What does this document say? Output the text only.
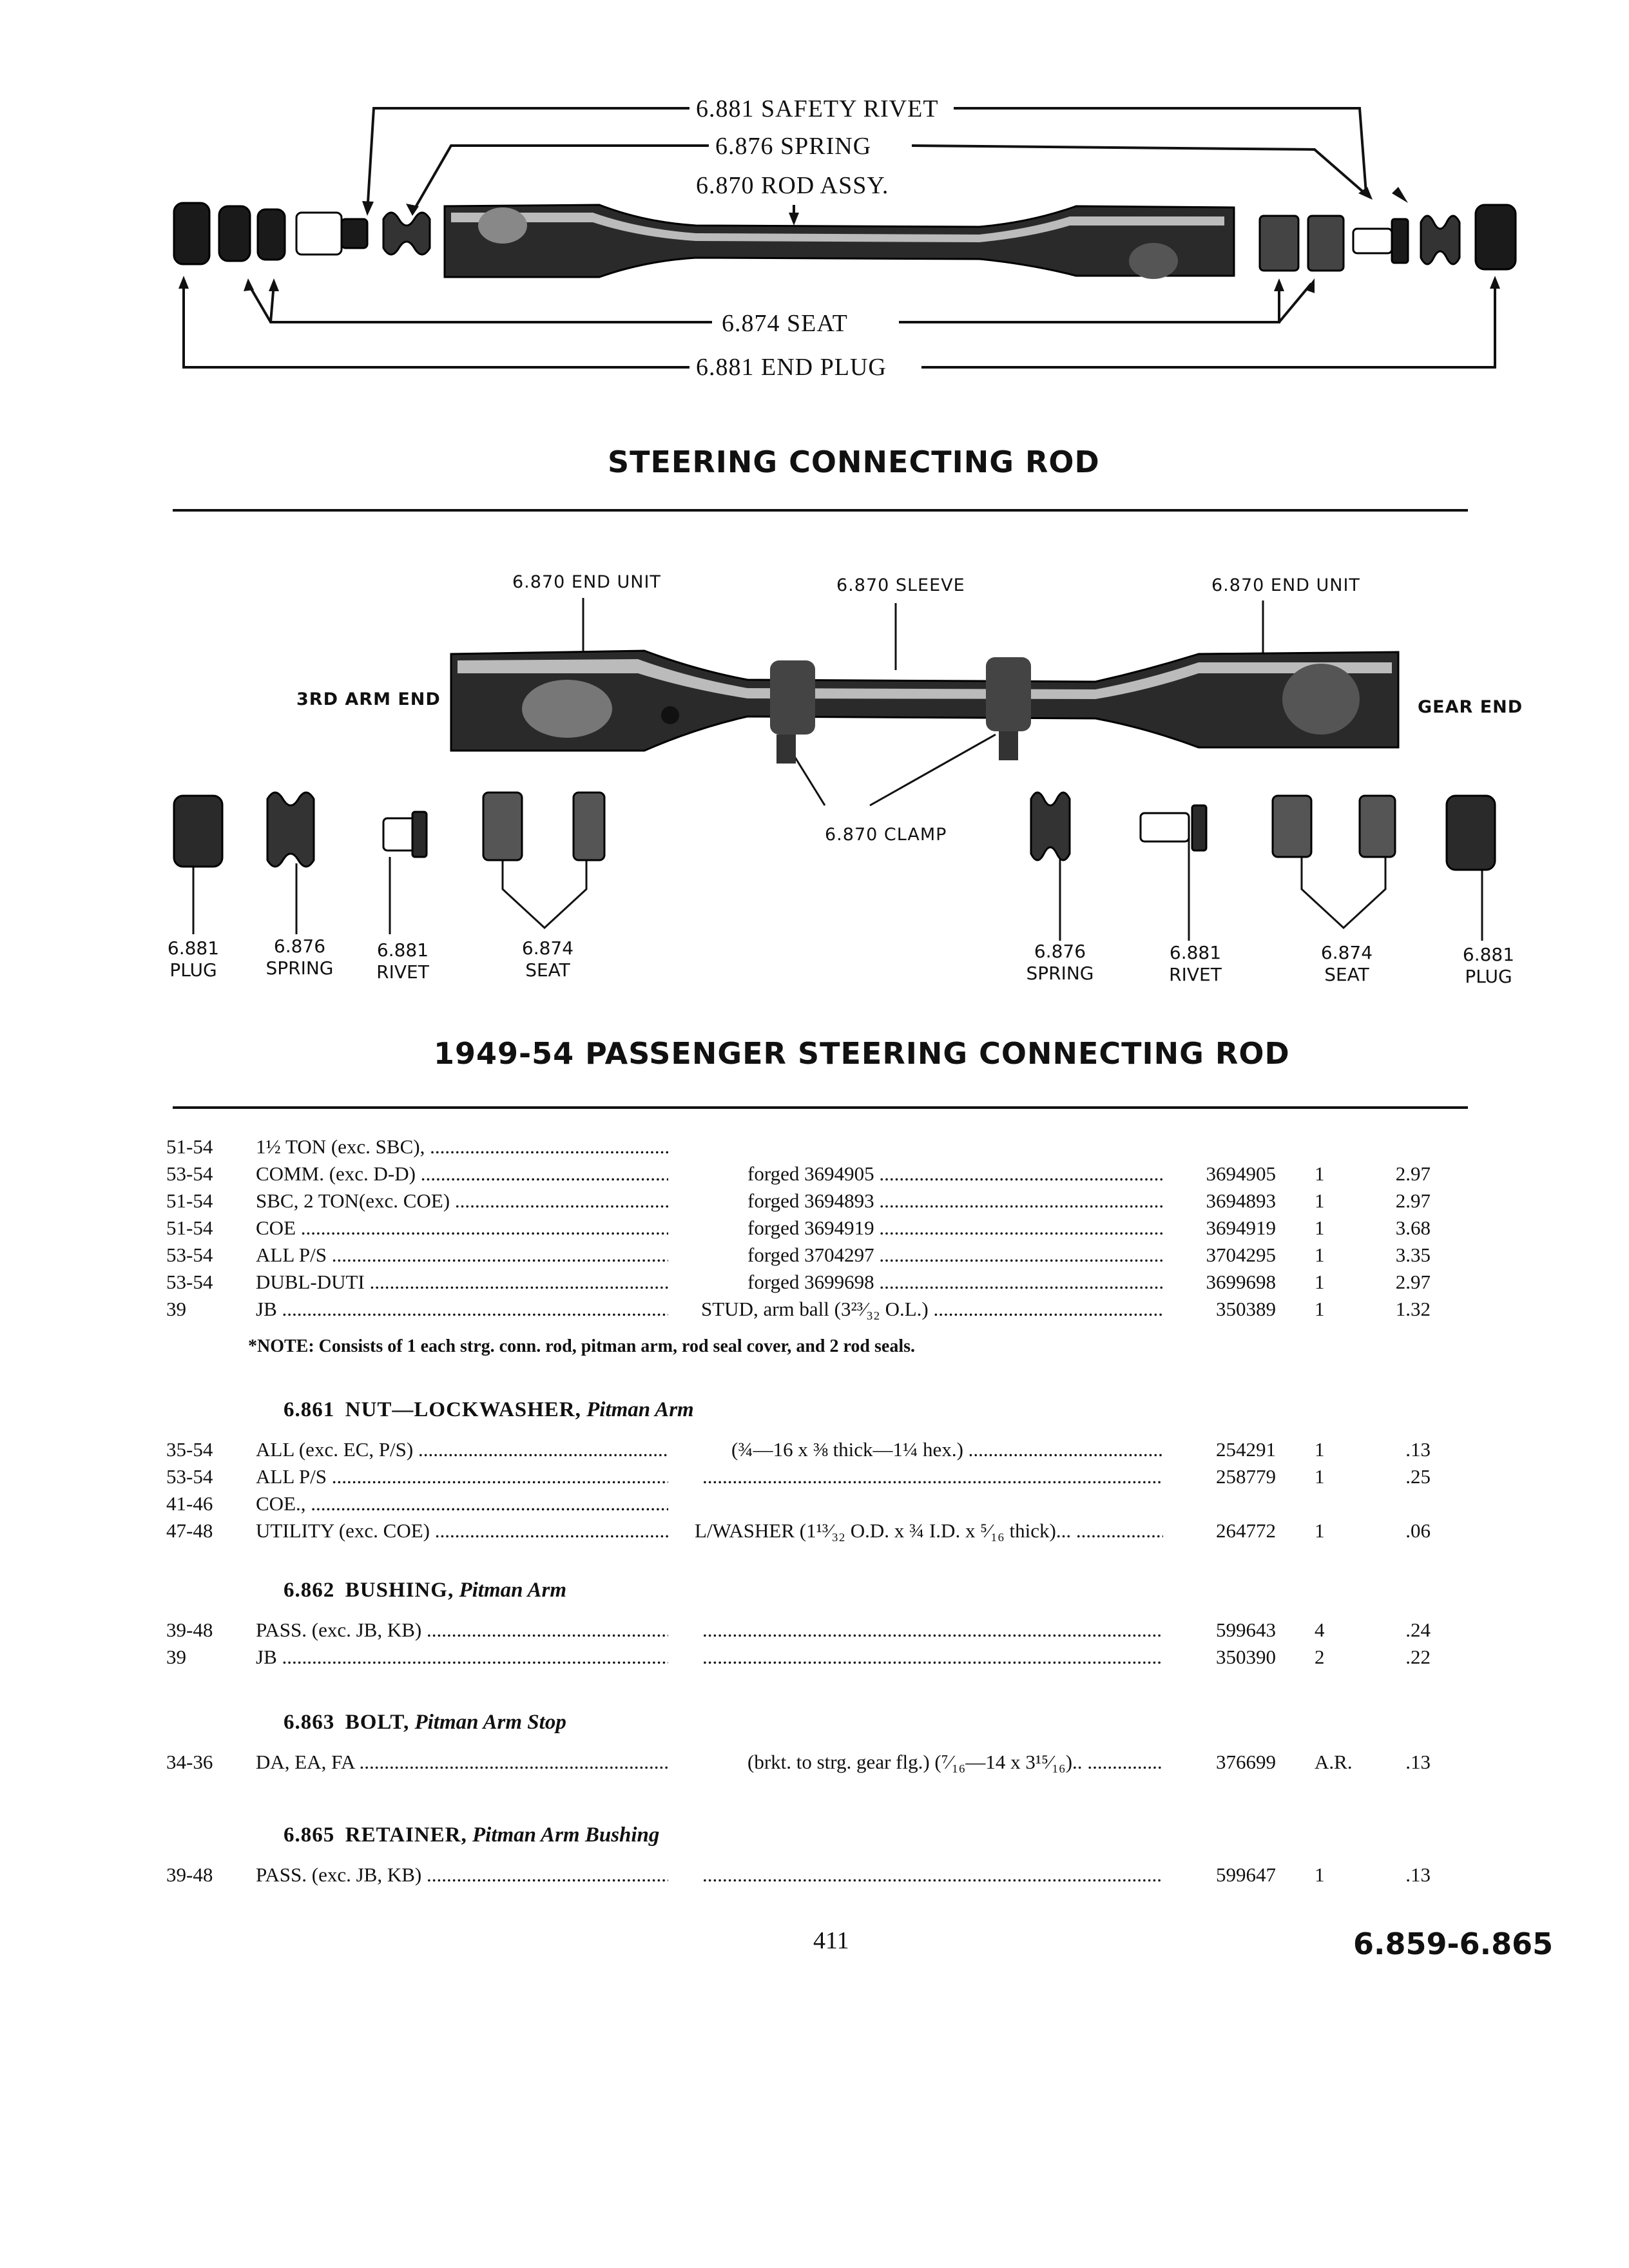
6.881 SAFETY RIVET
6.876 SPRING
6.870 ROD ASSY.
6.874 SEAT
6.881 END PLUG
STEERING CONNECTING ROD
6.870 END UNIT	6.870 SLEEVE	6.870 END UNIT
3RD ARM END	GEAR END
6.870 CLAMP
6.881
PLUG
6.876
SPRING
6.881
RIVET
6.874
SEAT
6.876
SPRING
6.881
RIVET
6.874
SEAT
6.881
PLUG
1949-54 PASSENGER STEERING CONNECTING ROD
51-54 1½ TON (exc. SBC), .....
53-54 COMM. (exc. D-D) .....	forged 3694905 .....	3694905 1	2.97
51-54 SBC, 2 TON(exc. COE) .....	forged 3694893 .....	3694893 1	2.97
51-54 COE .....	forged 3694919 .....	3694919 1	3.68
53-54 ALL P/S .....	forged 3704297 .....	3704295 1	3.35
53-54 DUBL-DUTI .....	forged 3699698 .....	3699698 1	2.97
39	JB .....	STUD, arm ball (3²³⁄₃₂ O.L.) .....	350389 1	1.32
*NOTE: Consists of 1 each strg. conn. rod, pitman arm, rod seal cover, and 2 rod seals.
6.861 NUT—LOCKWASHER, Pitman Arm
35-54 ALL (exc. EC, P/S) .....	(¾—16 x ⅜ thick—1¼ hex.) .....	254291 1	.13
53-54 ALL P/S ..... .....	258779 1	.25
41-46 COE., .....
47-48 UTILITY (exc. COE) .....	L/WASHER (1¹³⁄₃₂ O.D. x ¾ I.D. x ⁵⁄₁₆ thick)... .....	264772 1	.06
6.862 BUSHING, Pitman Arm
39-48 PASS. (exc. JB, KB) ..... .....	599643 4	.24
39	JB ..... .....	350390 2	.22
6.863 BOLT, Pitman Arm Stop
34-36 DA, EA, FA .....	(brkt. to strg. gear flg.) (⁷⁄₁₆—14 x 3¹⁵⁄₁₆).. .....	376699 A.R.	.13
6.865 RETAINER, Pitman Arm Bushing
39-48 PASS. (exc. JB, KB) ..... .....	599647 1	.13
411	6.859-6.865
